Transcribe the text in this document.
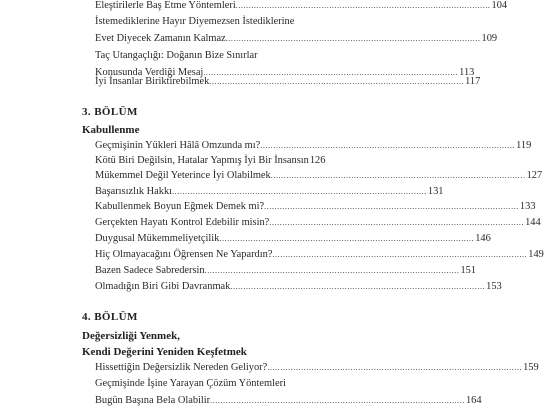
Eleştirilerle Baş Etme Yöntemleri .................................................................................................. 104
İstemediklerine Hayır Diyemezsen İstediklerine
Evet Diyecek Zamanın Kalmaz .................................................................................................. 109
Taç Utangaçlığı: Doğanın Bize Sınırlar
Konusunda Verdiği Mesaj .................................................................................................. 113
İyi İnsanlar Biriktirebilmek .................................................................................................. 117
3. BÖLÜM
Kabullenme
Geçmişinin Yükleri Hâlâ Omzunda mı? .................................................................................................. 119
Kötü Biri Değilsin, Hatalar Yapmış İyi Bir İnsansın 126
Mükemmel Değil Yeterince İyi Olabilmek .................................................................................................. 127
Başarısızlık Hakkı .................................................................................................. 131
Kabullenmek Boyun Eğmek Demek mi? .................................................................................................. 133
Gerçekten Hayatı Kontrol Edebilir misin? .................................................................................................. 144
Duygusal Mükemmeliyetçilik .................................................................................................. 146
Hiç Olmayacağını Öğrensen Ne Yapardın? .................................................................................................. 149
Bazen Sadece Sabredersin .................................................................................................. 151
Olmadığın Biri Gibi Davranmak .................................................................................................. 153
4. BÖLÜM
Değersizliği Yenmek,
Kendi Değerini Yeniden Keşfetmek
Hissettiğin Değersizlik Nereden Geliyor? .................................................................................................. 159
Geçmişinde İşine Yarayan Çözüm Yöntemleri
Bugün Başına Bela Olabilir .................................................................................................. 164
